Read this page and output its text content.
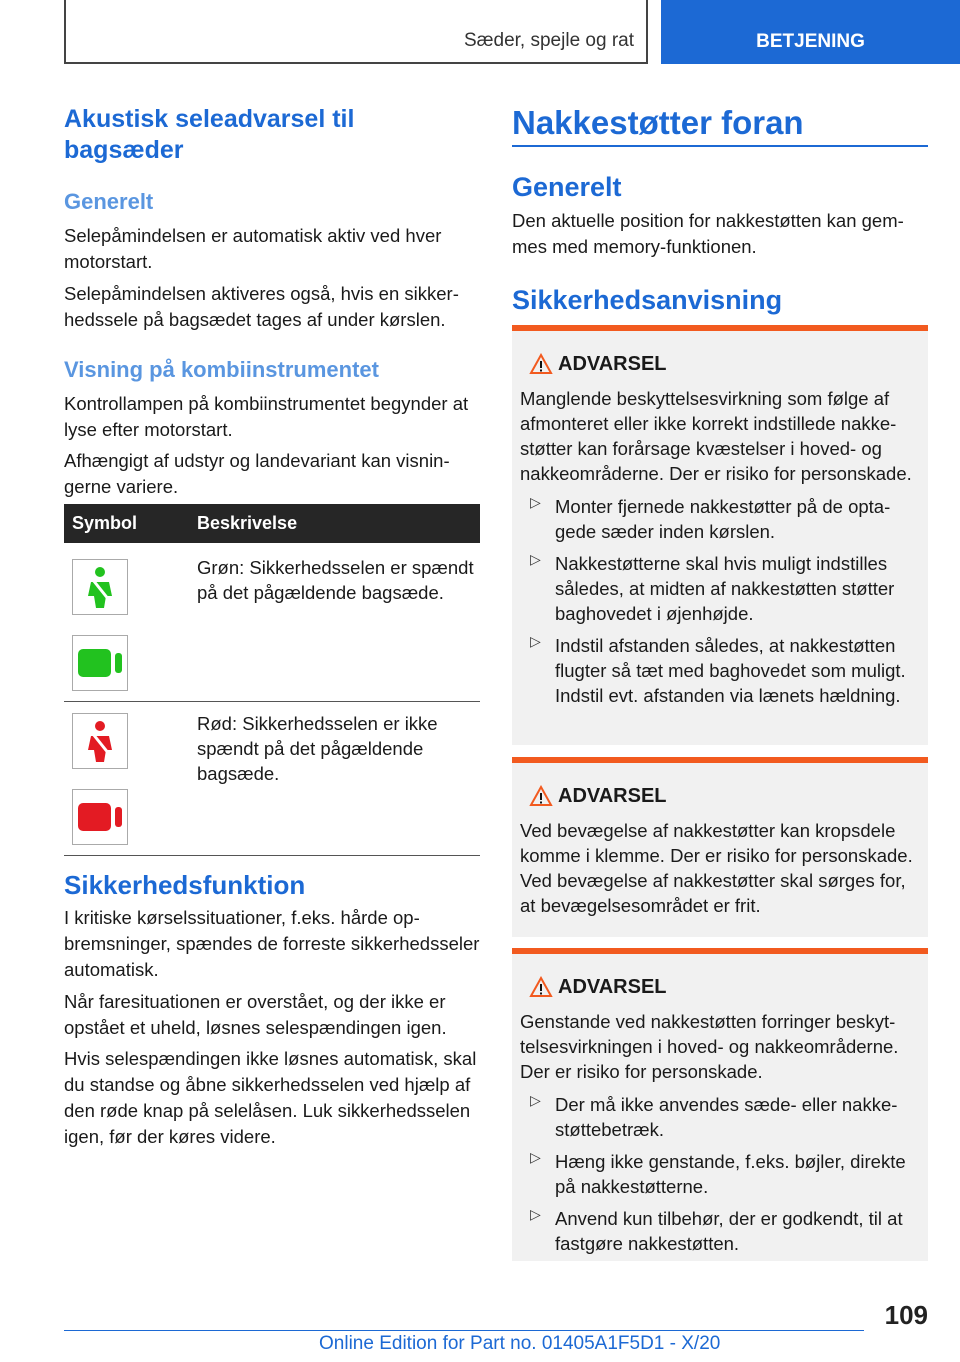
Sæder, spejle og rat	BETJENING
Akustisk seleadvarsel til bagsæder
Generelt

Selepåmindelsen er automatisk aktiv ved hver motorstart.

Selepåmindelsen aktiveres også, hvis en sikkerhedssele på bagsædet tages af under kørslen.

Visning på kombiinstrumentet

Kontrollampen på kombiinstrumentet begynder at lyse efter motorstart.

Afhængigt af udstyr og landevariant kan visningerne variere.

Symbol	Beskrivelse

	Grøn: Sikkerhedsselen er spændt på det pågældende bagsæde.

	Rød: Sikkerhedsselen er ikke spændt på det pågældende bagsæde.
Sikkerhedsfunktion

I kritiske kørselssituationer, f.eks. hårde opbremsninger, spændes de forreste sikkerhedsseler automatisk.

Når faresituationen er overstået, og der ikke er opstået et uheld, løsnes selespændingen igen.

Hvis selespændingen ikke løsnes automatisk, skal du standse og åbne sikkerhedsselen ved hjælp af den røde knap på selelåsen. Luk sikkerhedsselen igen, før der køres videre.

Nakkestøtter foran
Generelt

Den aktuelle position for nakkestøtten kan gemmes med memory-funktionen.

Sikkerhedsanvisning
ADVARSEL

Manglende beskyttelsesvirkning som følge af afmonteret eller ikke korrekt indstillede nakkestøtter kan forårsage kvæstelser i hoved- og nakkeområderne. Der er risiko for personskade.

▷ Monter fjernede nakkestøtter på de optagede sæder inden kørslen.

▷ Nakkestøtterne skal hvis muligt indstilles således, at midten af nakkestøtten støtter baghovedet i øjenhøjde.

▷ Indstil afstanden således, at nakkestøtten flugter så tæt med baghovedet som muligt. Indstil evt. afstanden via lænets hældning.

ADVARSEL

Ved bevægelse af nakkestøtter kan kropsdele komme i klemme. Der er risiko for personskade. Ved bevægelse af nakkestøtter skal sørges for, at bevægelsesområdet er frit.

ADVARSEL

Genstande ved nakkestøtten forringer beskyttelsesvirkningen i hoved- og nakkeområderne. Der er risiko for personskade.

▷ Der må ikke anvendes sæde- eller nakkestøttebetræk.

▷ Hæng ikke genstande, f.eks. bøjler, direkte på nakkestøtterne.

▷ Anvend kun tilbehør, der er godkendt, til at fastgøre nakkestøtten.

109
Online Edition for Part no. 01405A1F5D1 - X/20
